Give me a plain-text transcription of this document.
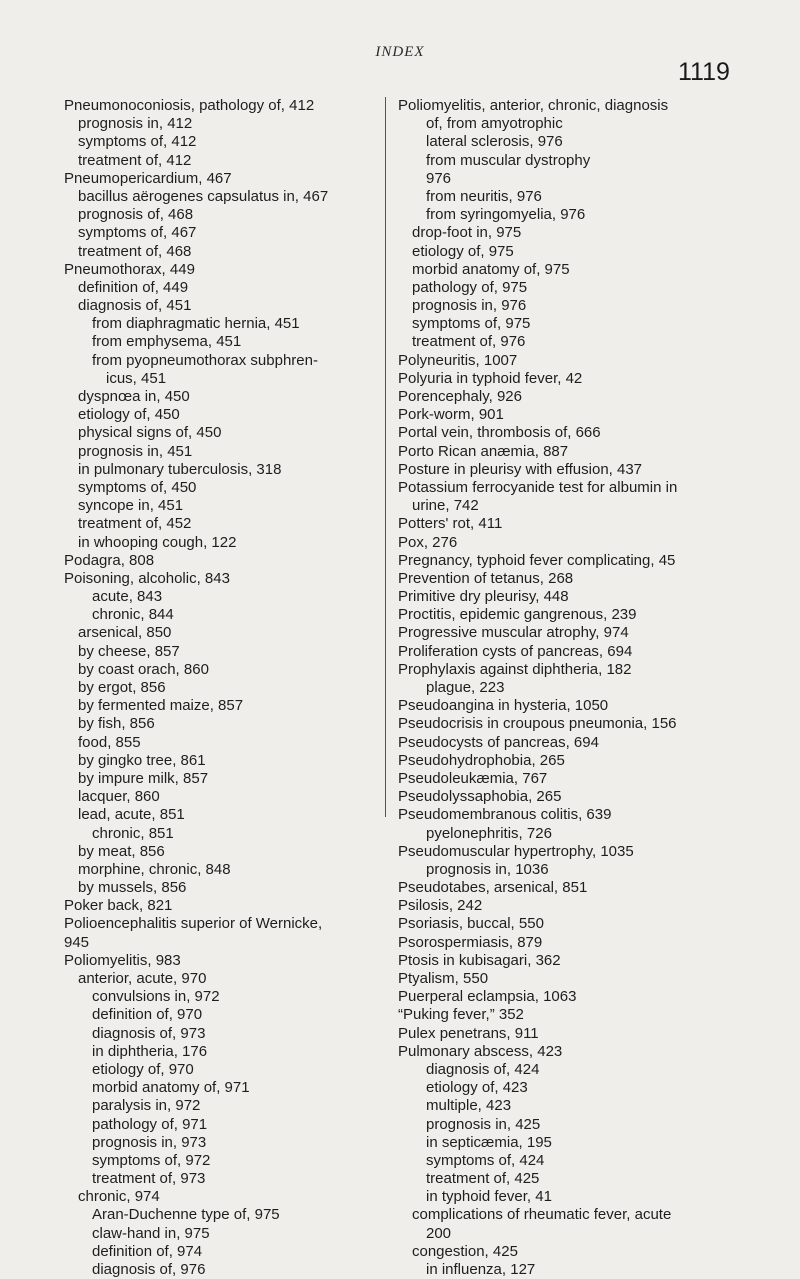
INDEX
1119
Pneumonoconiosis, pathology of, 412
prognosis in, 412
symptoms of, 412
treatment of, 412
Pneumopericardium, 467
bacillus aërogenes capsulatus in, 467
prognosis of, 468
symptoms of, 467
treatment of, 468
Pneumothorax, 449
definition of, 449
diagnosis of, 451
from diaphragmatic hernia, 451
from emphysema, 451
from pyopneumothorax subphren-
icus, 451
dyspnœa in, 450
etiology of, 450
physical signs of, 450
prognosis in, 451
in pulmonary tuberculosis, 318
symptoms of, 450
syncope in, 451
treatment of, 452
in whooping cough, 122
Podagra, 808
Poisoning, alcoholic, 843
acute, 843
chronic, 844
arsenical, 850
by cheese, 857
by coast orach, 860
by ergot, 856
by fermented maize, 857
by fish, 856
food, 855
by gingko tree, 861
by impure milk, 857
lacquer, 860
lead, acute, 851
chronic, 851
by meat, 856
morphine, chronic, 848
by mussels, 856
Poker back, 821
Polioencephalitis superior of Wernicke,
945
Poliomyelitis, 983
anterior, acute, 970
convulsions in, 972
definition of, 970
diagnosis of, 973
in diphtheria, 176
etiology of, 970
morbid anatomy of, 971
paralysis in, 972
pathology of, 971
prognosis in, 973
symptoms of, 972
treatment of, 973
chronic, 974
Aran-Duchenne type of, 975
claw-hand in, 975
definition of, 974
diagnosis of, 976
Poliomyelitis, anterior, chronic, diagnosis
of, from amyotrophic
lateral sclerosis, 976
from muscular dystrophy
976
from neuritis, 976
from syringomyelia, 976
drop-foot in, 975
etiology of, 975
morbid anatomy of, 975
pathology of, 975
prognosis in, 976
symptoms of, 975
treatment of, 976
Polyneuritis, 1007
Polyuria in typhoid fever, 42
Porencephaly, 926
Pork-worm, 901
Portal vein, thrombosis of, 666
Porto Rican anæmia, 887
Posture in pleurisy with effusion, 437
Potassium ferrocyanide test for albumin in
urine, 742
Potters' rot, 411
Pox, 276
Pregnancy, typhoid fever complicating, 45
Prevention of tetanus, 268
Primitive dry pleurisy, 448
Proctitis, epidemic gangrenous, 239
Progressive muscular atrophy, 974
Proliferation cysts of pancreas, 694
Prophylaxis against diphtheria, 182
plague, 223
Pseudoangina in hysteria, 1050
Pseudocrisis in croupous pneumonia, 156
Pseudocysts of pancreas, 694
Pseudohydrophobia, 265
Pseudoleukæmia, 767
Pseudolyssaphobia, 265
Pseudomembranous colitis, 639
pyelonephritis, 726
Pseudomuscular hypertrophy, 1035
prognosis in, 1036
Pseudotabes, arsenical, 851
Psilosis, 242
Psoriasis, buccal, 550
Psorospermiasis, 879
Ptosis in kubisagari, 362
Ptyalism, 550
Puerperal eclampsia, 1063
“Puking fever,” 352
Pulex penetrans, 911
Pulmonary abscess, 423
diagnosis of, 424
etiology of, 423
multiple, 423
prognosis in, 425
in septicæmia, 195
symptoms of, 424
treatment of, 425
in typhoid fever, 41
complications of rheumatic fever, acute
200
congestion, 425
in influenza, 127
